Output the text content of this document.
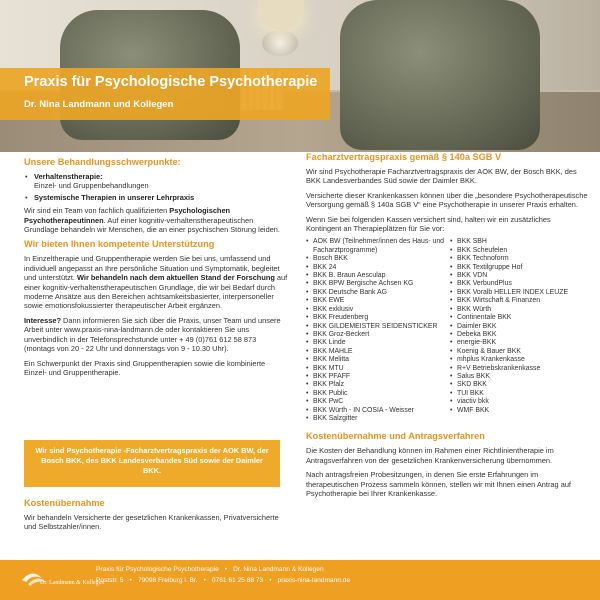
Praxis für Psychologische Psychotherapie
Dr. Nina Landmann und Kollegen
Unsere Behandlungsschwerpunkte:
• Verhaltenstherapie:
Einzel- und Gruppenbehandlungen
• Systemische Therapien in unserer Lehrpraxis

Wir sind ein Team von fachlich qualifizierten Psychologischen Psychotherapeutinnen. Auf einer kognitiv-verhaltenstherapeutischen Grundlage behandeln wir Menschen, die an einer psychischen Störung leiden.

Wir bieten Ihnen kompetente Unterstützung

In Einzeltherapie und Gruppentherapie werden Sie bei uns, umfassend und individuell angepasst an Ihre persönliche Situation und Symptomatik, begleitet und unterstützt. Wir behandeln nach dem aktuellen Stand der Forschung auf einer kognitiv-verhaltenstherapeutischen Grundlage, die wir bei Bedarf durch moderne Ansätze aus den Bereichen achtsamkeitsbasierter, interpersoneller sowie emotionsfokussierter therapeutischer Arbeit ergänzen.

Interesse? Dann informieren Sie sich über die Praxis, unser Team und unsere Arbeit unter www.praxis-nina-landmann.de oder kontaktieren Sie uns unverbindlich in der Telefonsprechstunde unter + 49 (0)761 612 58 873 (montags von 20 - 22 Uhr und donnerstags von 9 - 10.30 Uhr).

Ein Schwerpunkt der Praxis sind Gruppentherapien sowie die kombinierte Einzel- und Gruppentherapie.

Wir sind Psychotherapie -Facharztvertragspraxis der AOK BW, der Bosch BKK, des BKK Landesverbandes Süd sowie der Daimler BKK.
Kostenübernahme

Wir behandeln Versicherte der gesetzlichen Krankenkassen, Privatversicherte und Selbstzahler/innen.

Facharztvertragspraxis gemäß § 140a SGB V

Wir sind Psychotherapie Facharztvertragspraxis der AOK BW, der Bosch BKK, des BKK Landesverbandes Süd sowie der Daimler BKK.

Versicherte dieser Krankenkassen können über die „besondere Psychotherapeutische Versorgung gemäß § 140a SGB V“ eine Psychotherapie in unserer Praxis erhalten.

Wenn Sie bei folgenden Kassen versichert sind, halten wir ein zusätzliches Kontingent an Therapieplätzen für Sie vor:

• AOK BW (Teilnehmer/innen des Haus- und Facharztprogramme)
• Bosch BKK
• BKK 24
• BKK B. Braun Aesculap
• BKK BPW Bergische Achsen KG
• BKK Deutsche Bank AG
• BKK EWE
• BKK exklusiv
• BKK Freudenberg
• BKK GILDEMEISTER SEIDENSTICKER
• BKK Groz-Beckert
• BKK Linde
• BKK MAHLE
• BKK Melitta
• BKK MTU
• BKK PFAFF
• BKK Pfalz
• BKK Public
• BKK PwC
• BKK Würth - IN COSIA - Weisser
• BKK Salzgitter
• BKK SBH
• BKK Scheufelen
• BKK Technoform
• BKK Textilgruppe Hof
• BKK VDN
• BKK VerbundPlus
• BKK Voralb HELLER INDEX LEUZE
• BKK Wirtschaft & Finanzen
• BKK Würth
• Continentale BKK
• Daimler BKK
• Debeka BKK
• energie-BKK
• Koenig & Bauer BKK
• mhplus Krankenkasse
• R+V Betriebskrankenkasse
• Salus BKK
• SKD BKK
• TUI BKK
• viactiv bkk
• WMF BKK
Kostenübernahme und Antragsverfahren

Die Kosten der Behandlung können im Rahmen einer Richtlinientherapie im Antragsverfahren von der gesetzlichen Krankenversicherung übernommen.

Nach antragsfreien Probesitzungen, in denen Sie erste Erfahrungen im therapeutischen Prozess sammeln können, stellen wir mit Ihnen einen Antrag auf Psychotherapie bei Ihrer Krankenkasse.

Dr. Landmann & Kollegen
Praxis für Psychologische Psychotherapie • Dr. Nina Landmann & Kollegen
Poststr. 5 • 79098 Freiburg i. Br. • 0761 61 25 88 73 • praxis-nina-landmann.de
